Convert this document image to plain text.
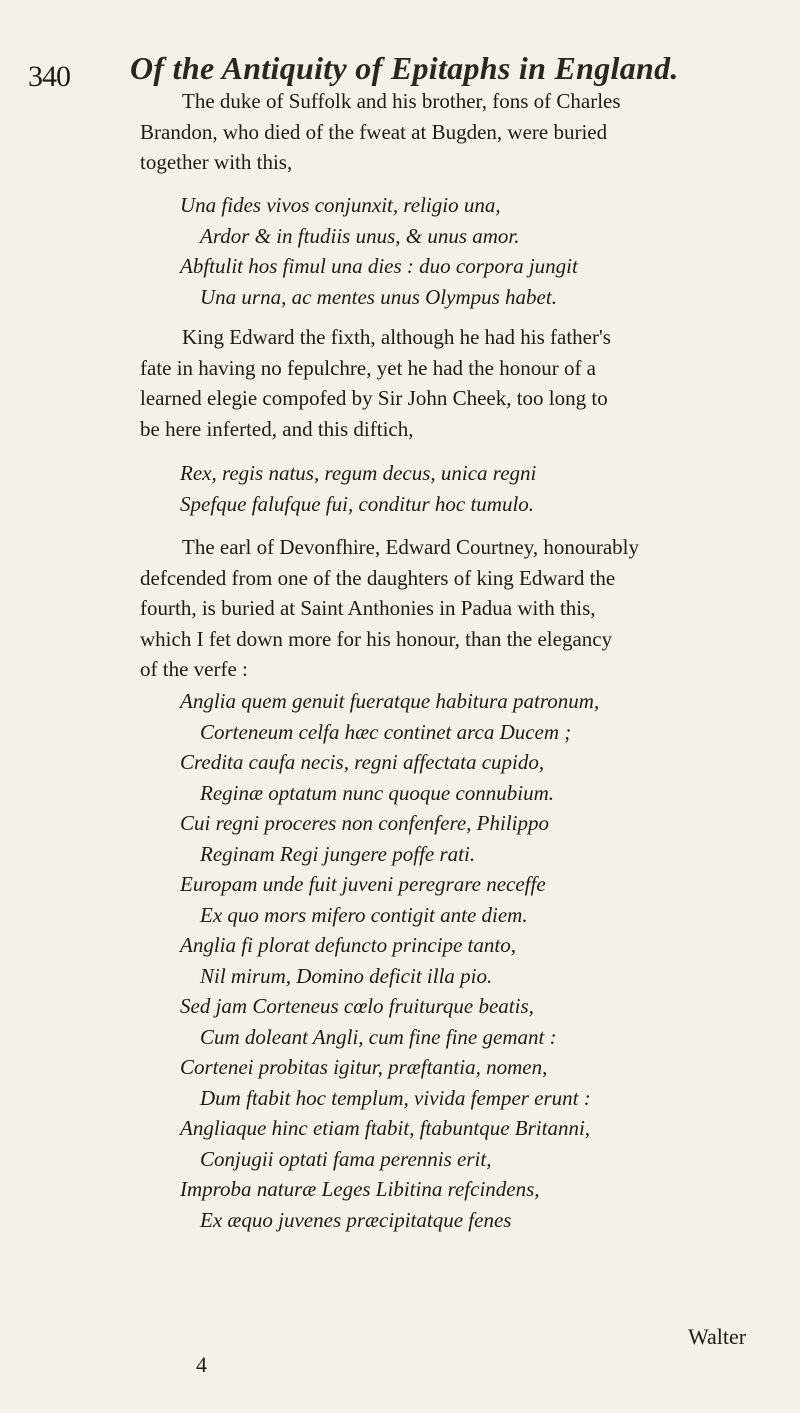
340 Of the Antiquity of Epitaphs in England.
The duke of Suffolk and his brother, fons of Charles
Brandon, who died of the fweat at Bugden, were buried
together with this,
Una fides vivos conjunxit, religio una,
Ardor & in ftudiis unus, & unus amor.
Abftulit hos fimul una dies : duo corpora jungit
Una urna, ac mentes unus Olympus habet.
King Edward the fixth, although he had his father's
fate in having no fepulchre, yet he had the honour of a
learned elegie compofed by Sir John Cheek, too long to
be here inferted, and this diftich,
Rex, regis natus, regum decus, unica regni
Spefque falufque fui, conditur hoc tumulo.
The earl of Devonfhire, Edward Courtney, honourably
defcended from one of the daughters of king Edward the
fourth, is buried at Saint Anthonies in Padua with this,
which I fet down more for his honour, than the elegancy
of the verfe :
Anglia quem genuit fueratque habitura patronum,
Corteneum celfa hæc continet arca Ducem ;
Credita caufa necis, regni affectata cupido,
Reginæ optatum nunc quoque connubium.
Cui regni proceres non confenfere, Philippo
Reginam Regi jungere poffe rati.
Europam unde fuit juveni peregrare neceffe
Ex quo mors mifero contigit ante diem.
Anglia fi plorat defuncto principe tanto,
Nil mirum, Domino deficit illa pio.
Sed jam Corteneus cœlo fruiturque beatis,
Cum doleant Angli, cum fine fine gemant :
Cortenei probitas igitur, præftantia, nomen,
Dum ftabit hoc templum, vivida femper erunt :
Angliaque hinc etiam ftabit, ftabuntque Britanni,
Conjugii optati fama perennis erit,
Improba naturæ Leges Libitina refcindens,
Ex æquo juvenes præcipitatque fenes
Walter
4
